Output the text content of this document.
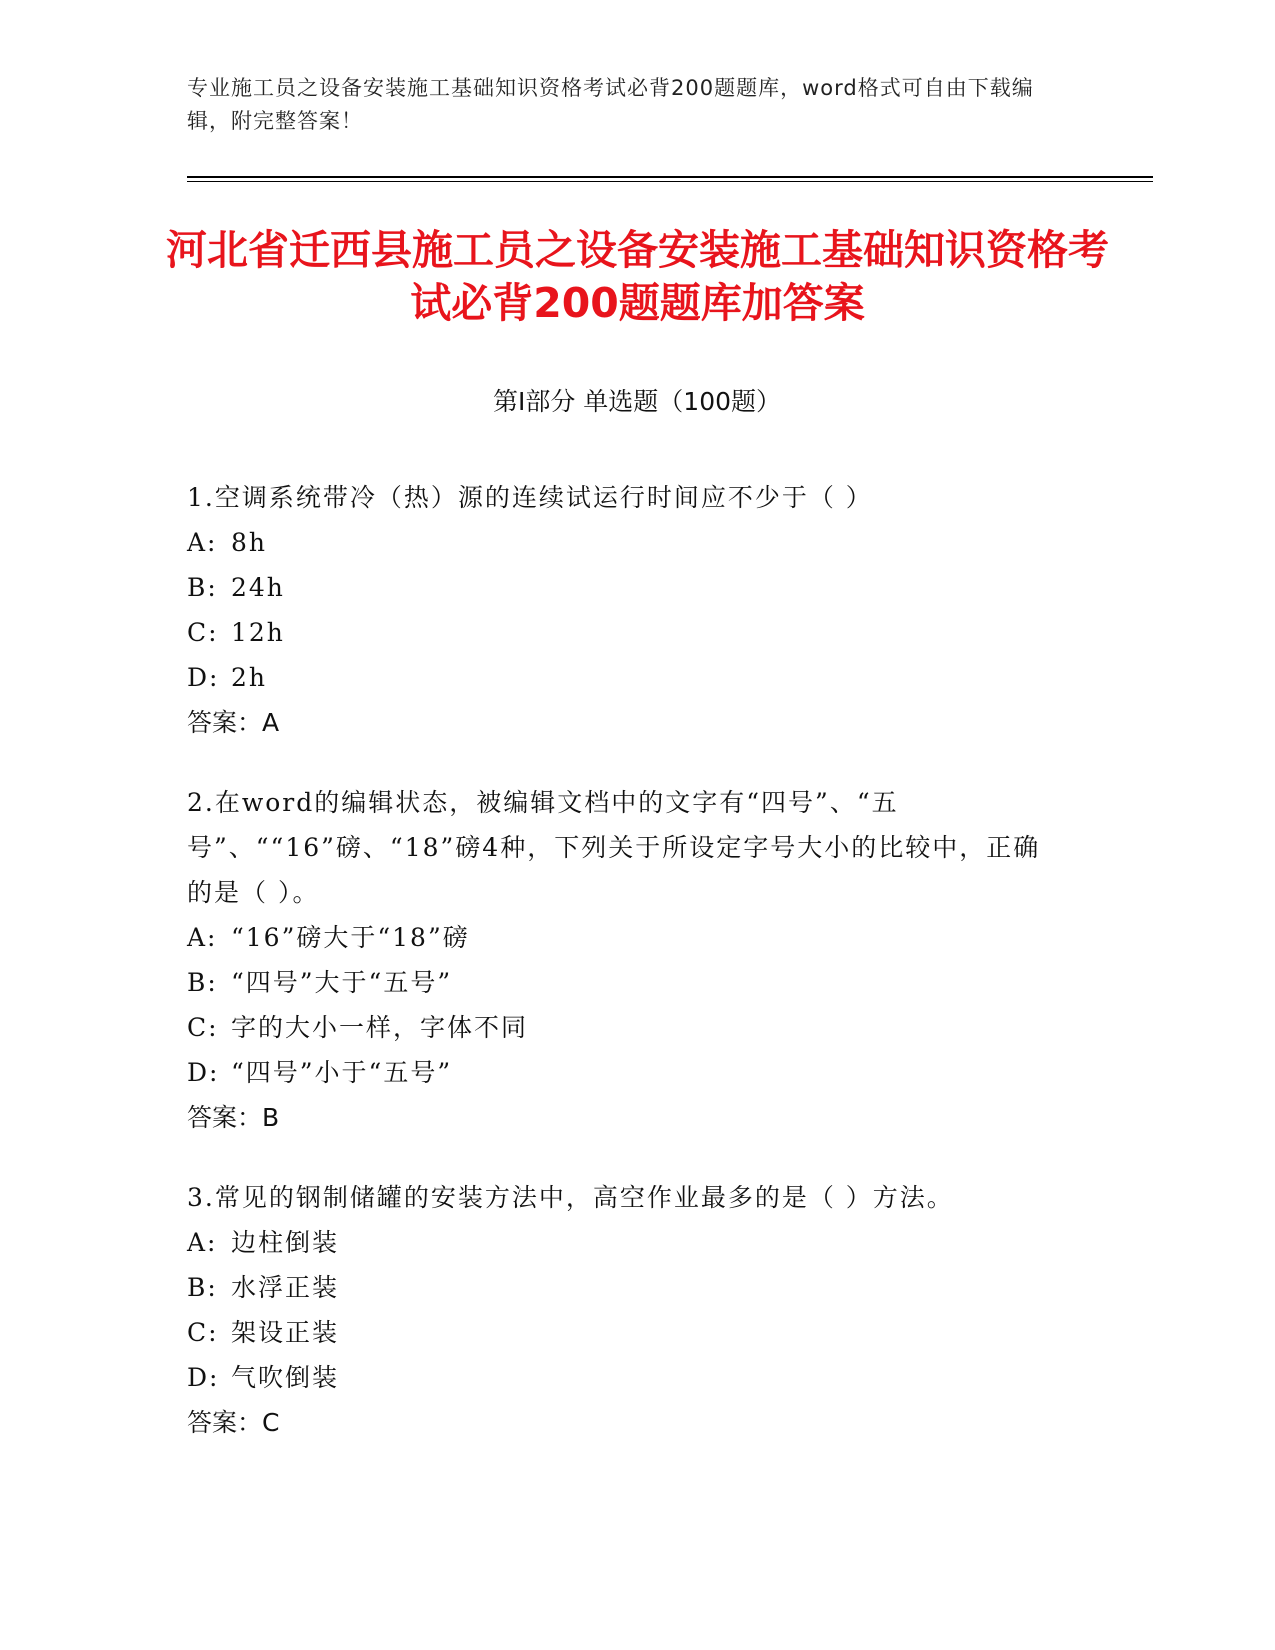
专业施工员之设备安装施工基础知识资格考试必背200题题库，word格式可自由下载编辑，附完整答案！
河北省迁西县施工员之设备安装施工基础知识资格考试必背200题题库加答案
第Ⅰ部分 单选题（100题）
1.空调系统带冷（热）源的连续试运行时间应不少于（ ）
A: 8h
B: 24h
C: 12h
D: 2h
答案：A
2.在word的编辑状态，被编辑文档中的文字有“四号”、“五号”、““16”磅、“18”磅4种，下列关于所设定字号大小的比较中，正确的是（ ）。
A: “16”磅大于“18”磅
B: “四号”大于“五号”
C: 字的大小一样，字体不同
D: “四号”小于“五号”
答案：B
3.常见的钢制储罐的安装方法中，高空作业最多的是（ ）方法。
A: 边柱倒装
B: 水浮正装
C: 架设正装
D: 气吹倒装
答案：C
